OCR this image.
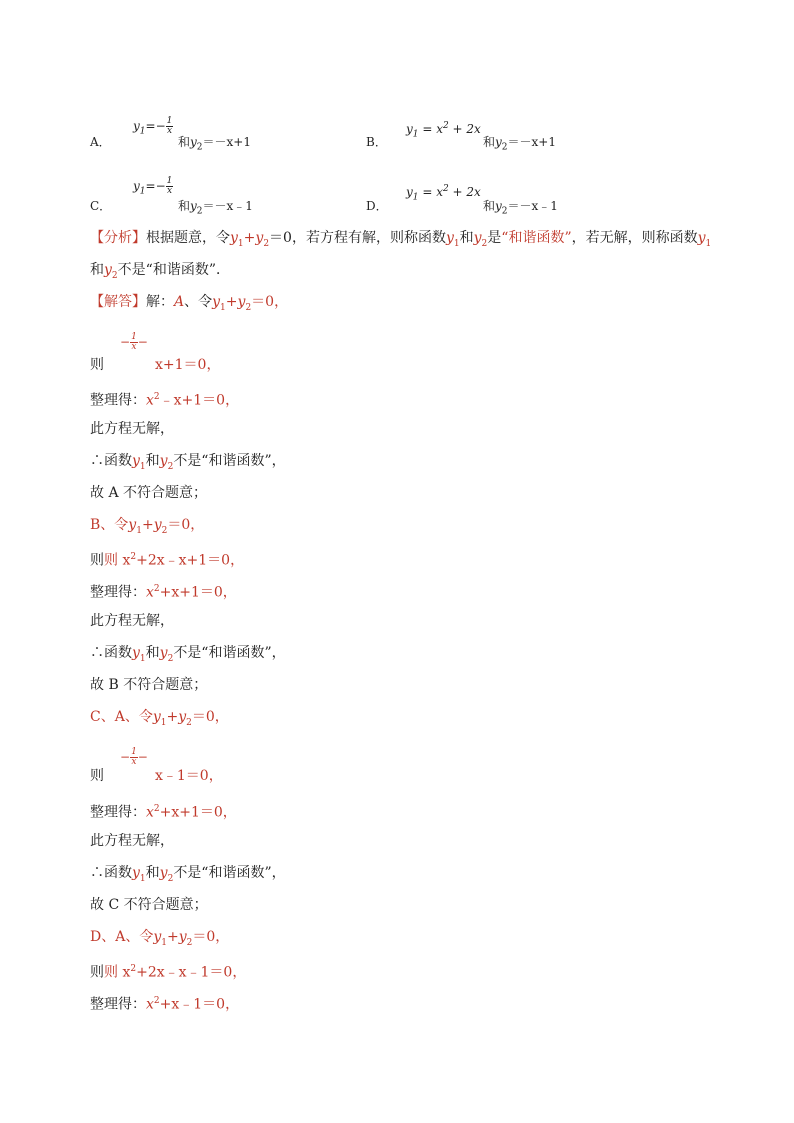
A．
$y_1=- \frac{1}{x}$
和$y_2=-x+1$	B．
$y_1 = x^2 + 2x$
和$y_2=-x+1$
C．
$y_1=- \frac{1}{x}$
和$y_2=-x﹣1$	D．
$y_1 = x^2 + 2x$
和$y_2=-x﹣1$
【分析】根据题意，令$y_1+y_2=0$，若方程有解，则称函数$y_1$和$y_2$是“和谐函数”，若无解，则称函数$y_1$
和$y_2$不是“和谐函数”．
【解答】解：A、令$y_1+y_2=0$，
− $\frac{1}{x}$ −
则	x+1＝0，
整理得：$x^2﹣x+1=0$，
此方程无解，
∴函数$y_1$和$y_2$不是“和谐函数”，
故 A 不符合题意；
B、令$y_1+y_2=0$，
则则 $x^2+2x﹣x+1=0$，
整理得：$x^2+x+1=0$，
此方程无解，
∴函数$y_1$和$y_2$不是“和谐函数”，
故 B 不符合题意；
C、A、令$y_1+y_2=0$，
− $\frac{1}{x}$ −
则	x﹣1＝0，
整理得：$x^2+x+1=0$，
此方程无解，
∴函数$y_1$和$y_2$不是“和谐函数”，
故 C 不符合题意；
D、A、令$y_1+y_2=0$，
则则 $x^2+2x﹣x﹣1=0$，
整理得：$x^2+x﹣1=0$，
